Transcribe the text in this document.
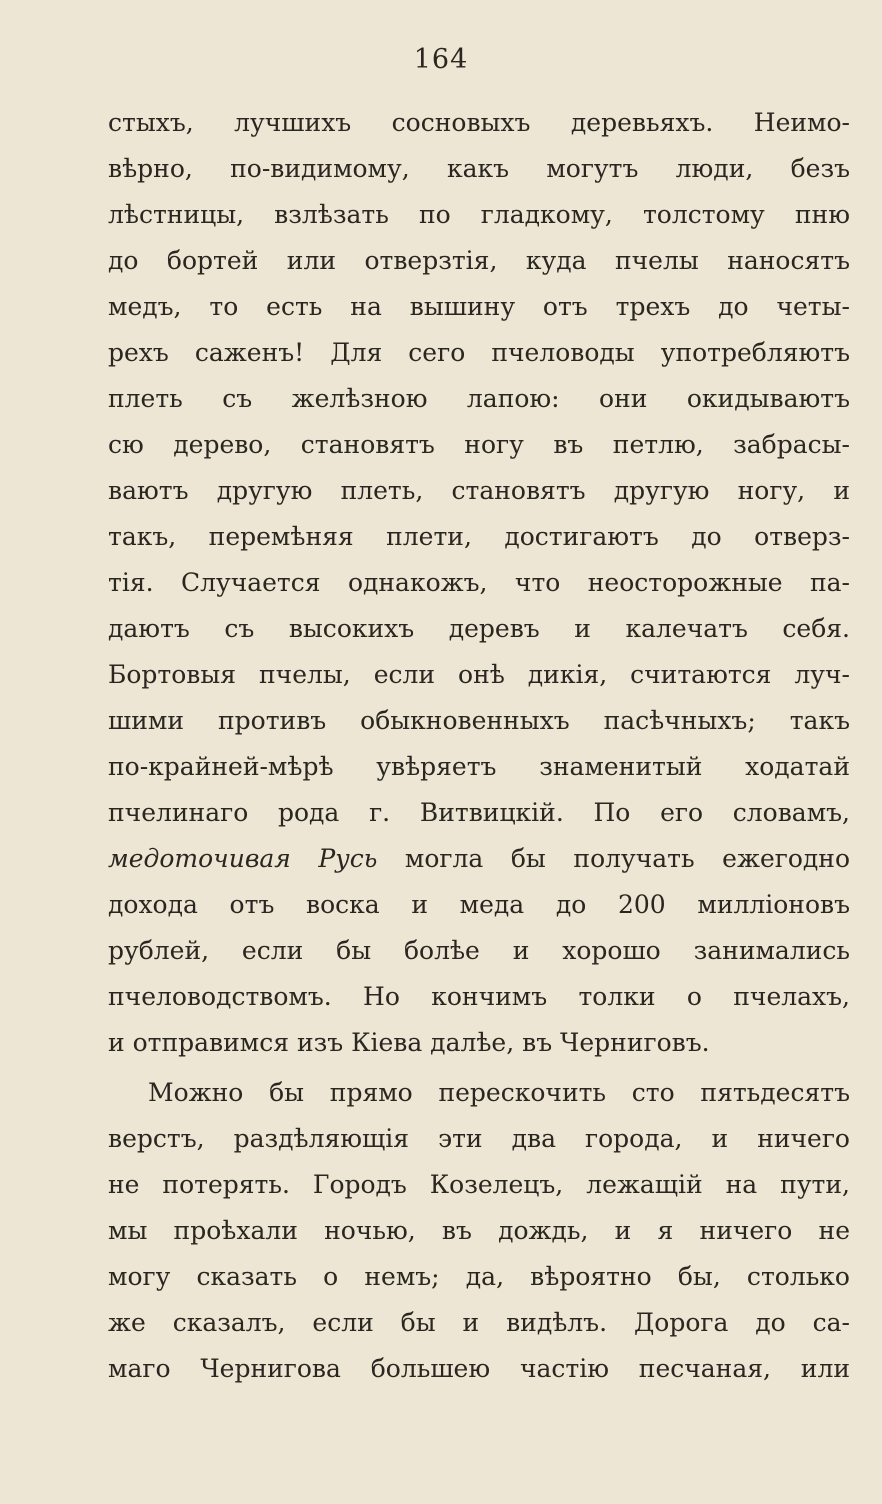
164
стыхъ, лучшихъ сосновыхъ деревьяхъ. Неимо-
вѣрно, по-видимому, какъ могутъ люди, безъ
лѣстницы, взлѣзать по гладкому, толстому пню
до бортей или отверзтія, куда пчелы наносятъ
медъ, то есть на вышину отъ трехъ до четы-
рехъ саженъ! Для сего пчеловоды употребляютъ
плеть съ желѣзною лапою: они окидываютъ
сю дерево, становятъ ногу въ петлю, забрасы-
ваютъ другую плеть, становятъ другую ногу, и
такъ, перемѣняя плети, достигаютъ до отверз-
тія. Случается однакожъ, что неосторожные па-
даютъ съ высокихъ деревъ и калечатъ себя.
Бортовыя пчелы, если онѣ дикія, считаются луч-
шими противъ обыкновенныхъ пасѣчныхъ; такъ
по-крайней-мѣрѣ увѣряетъ знаменитый ходатай
пчелинаго рода г. Витвицкій. По его словамъ,
медоточивая Русь могла бы получать ежегодно
дохода отъ воска и меда до 200 милліоновъ
рублей, если бы болѣе и хорошо занимались
пчеловодствомъ. Но кончимъ толки о пчелахъ,
и отправимся изъ Кіева далѣе, въ Черниговъ.
Можно бы прямо перескочить сто пятьдесятъ
верстъ, раздѣляющія эти два города, и ничего
не потерять. Городъ Козелецъ, лежащій на пути,
мы проѣхали ночью, въ дождь, и я ничего не
могу сказать о немъ; да, вѣроятно бы, столько
же сказалъ, если бы и видѣлъ. Дорога до са-
маго Чернигова большею частію песчаная, или
